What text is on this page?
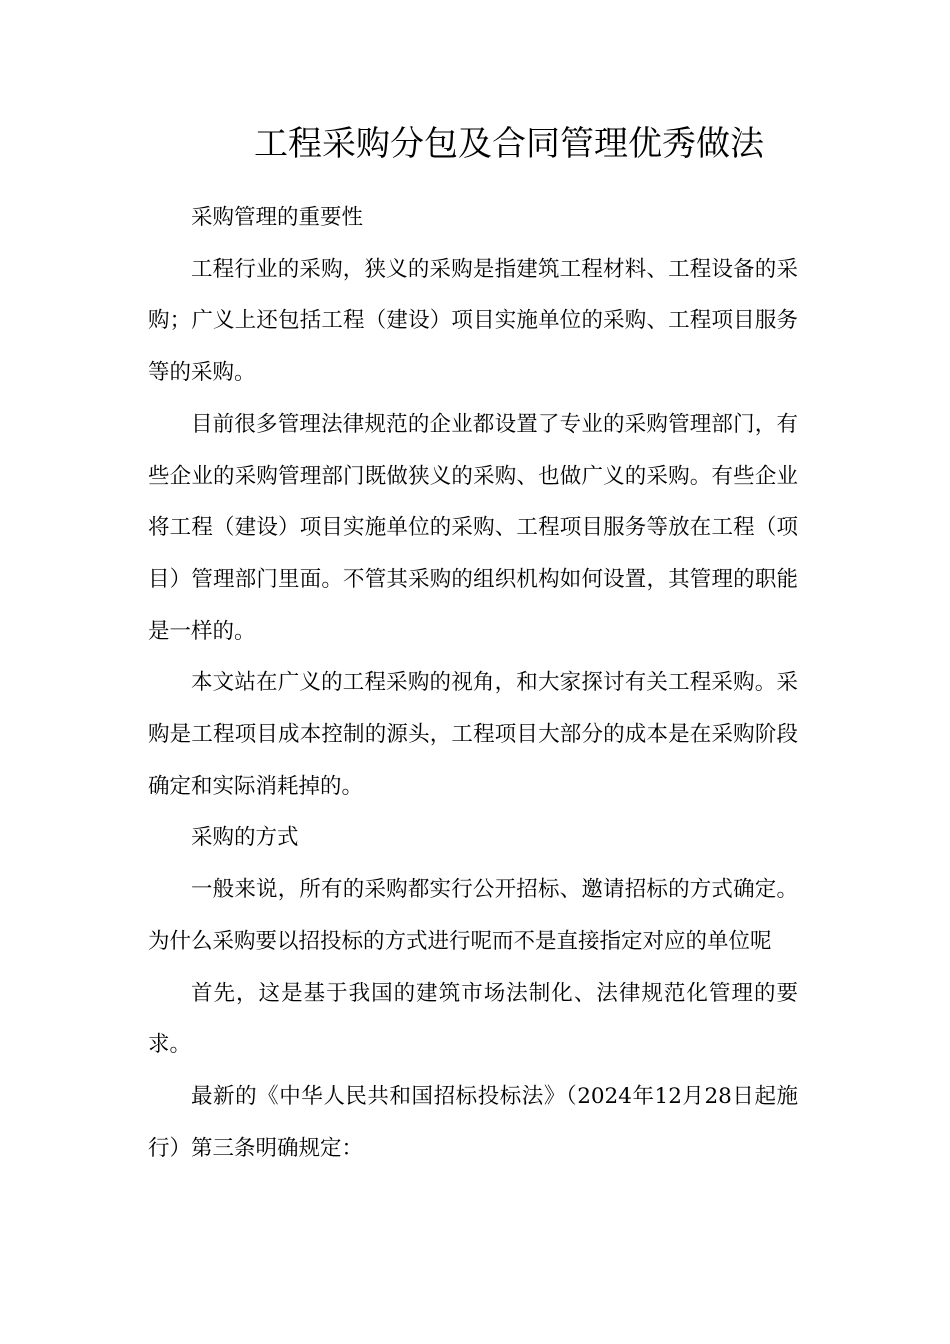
工程采购分包及合同管理优秀做法

采购管理的重要性

工程行业的采购，狭义的采购是指建筑工程材料、工程设备的采购；广义上还包括工程（建设）项目实施单位的采购、工程项目服务等的采购。

目前很多管理法律规范的企业都设置了专业的采购管理部门，有些企业的采购管理部门既做狭义的采购、也做广义的采购。有些企业将工程（建设）项目实施单位的采购、工程项目服务等放在工程（项目）管理部门里面。不管其采购的组织机构如何设置，其管理的职能是一样的。

本文站在广义的工程采购的视角，和大家探讨有关工程采购。采购是工程项目成本控制的源头，工程项目大部分的成本是在采购阶段确定和实际消耗掉的。

采购的方式

一般来说，所有的采购都实行公开招标、邀请招标的方式确定。为什么采购要以招投标的方式进行呢而不是直接指定对应的单位呢

首先，这是基于我国的建筑市场法制化、法律规范化管理的要求。

最新的《中华人民共和国招标投标法》（2024年12月28日起施行）第三条明确规定：
